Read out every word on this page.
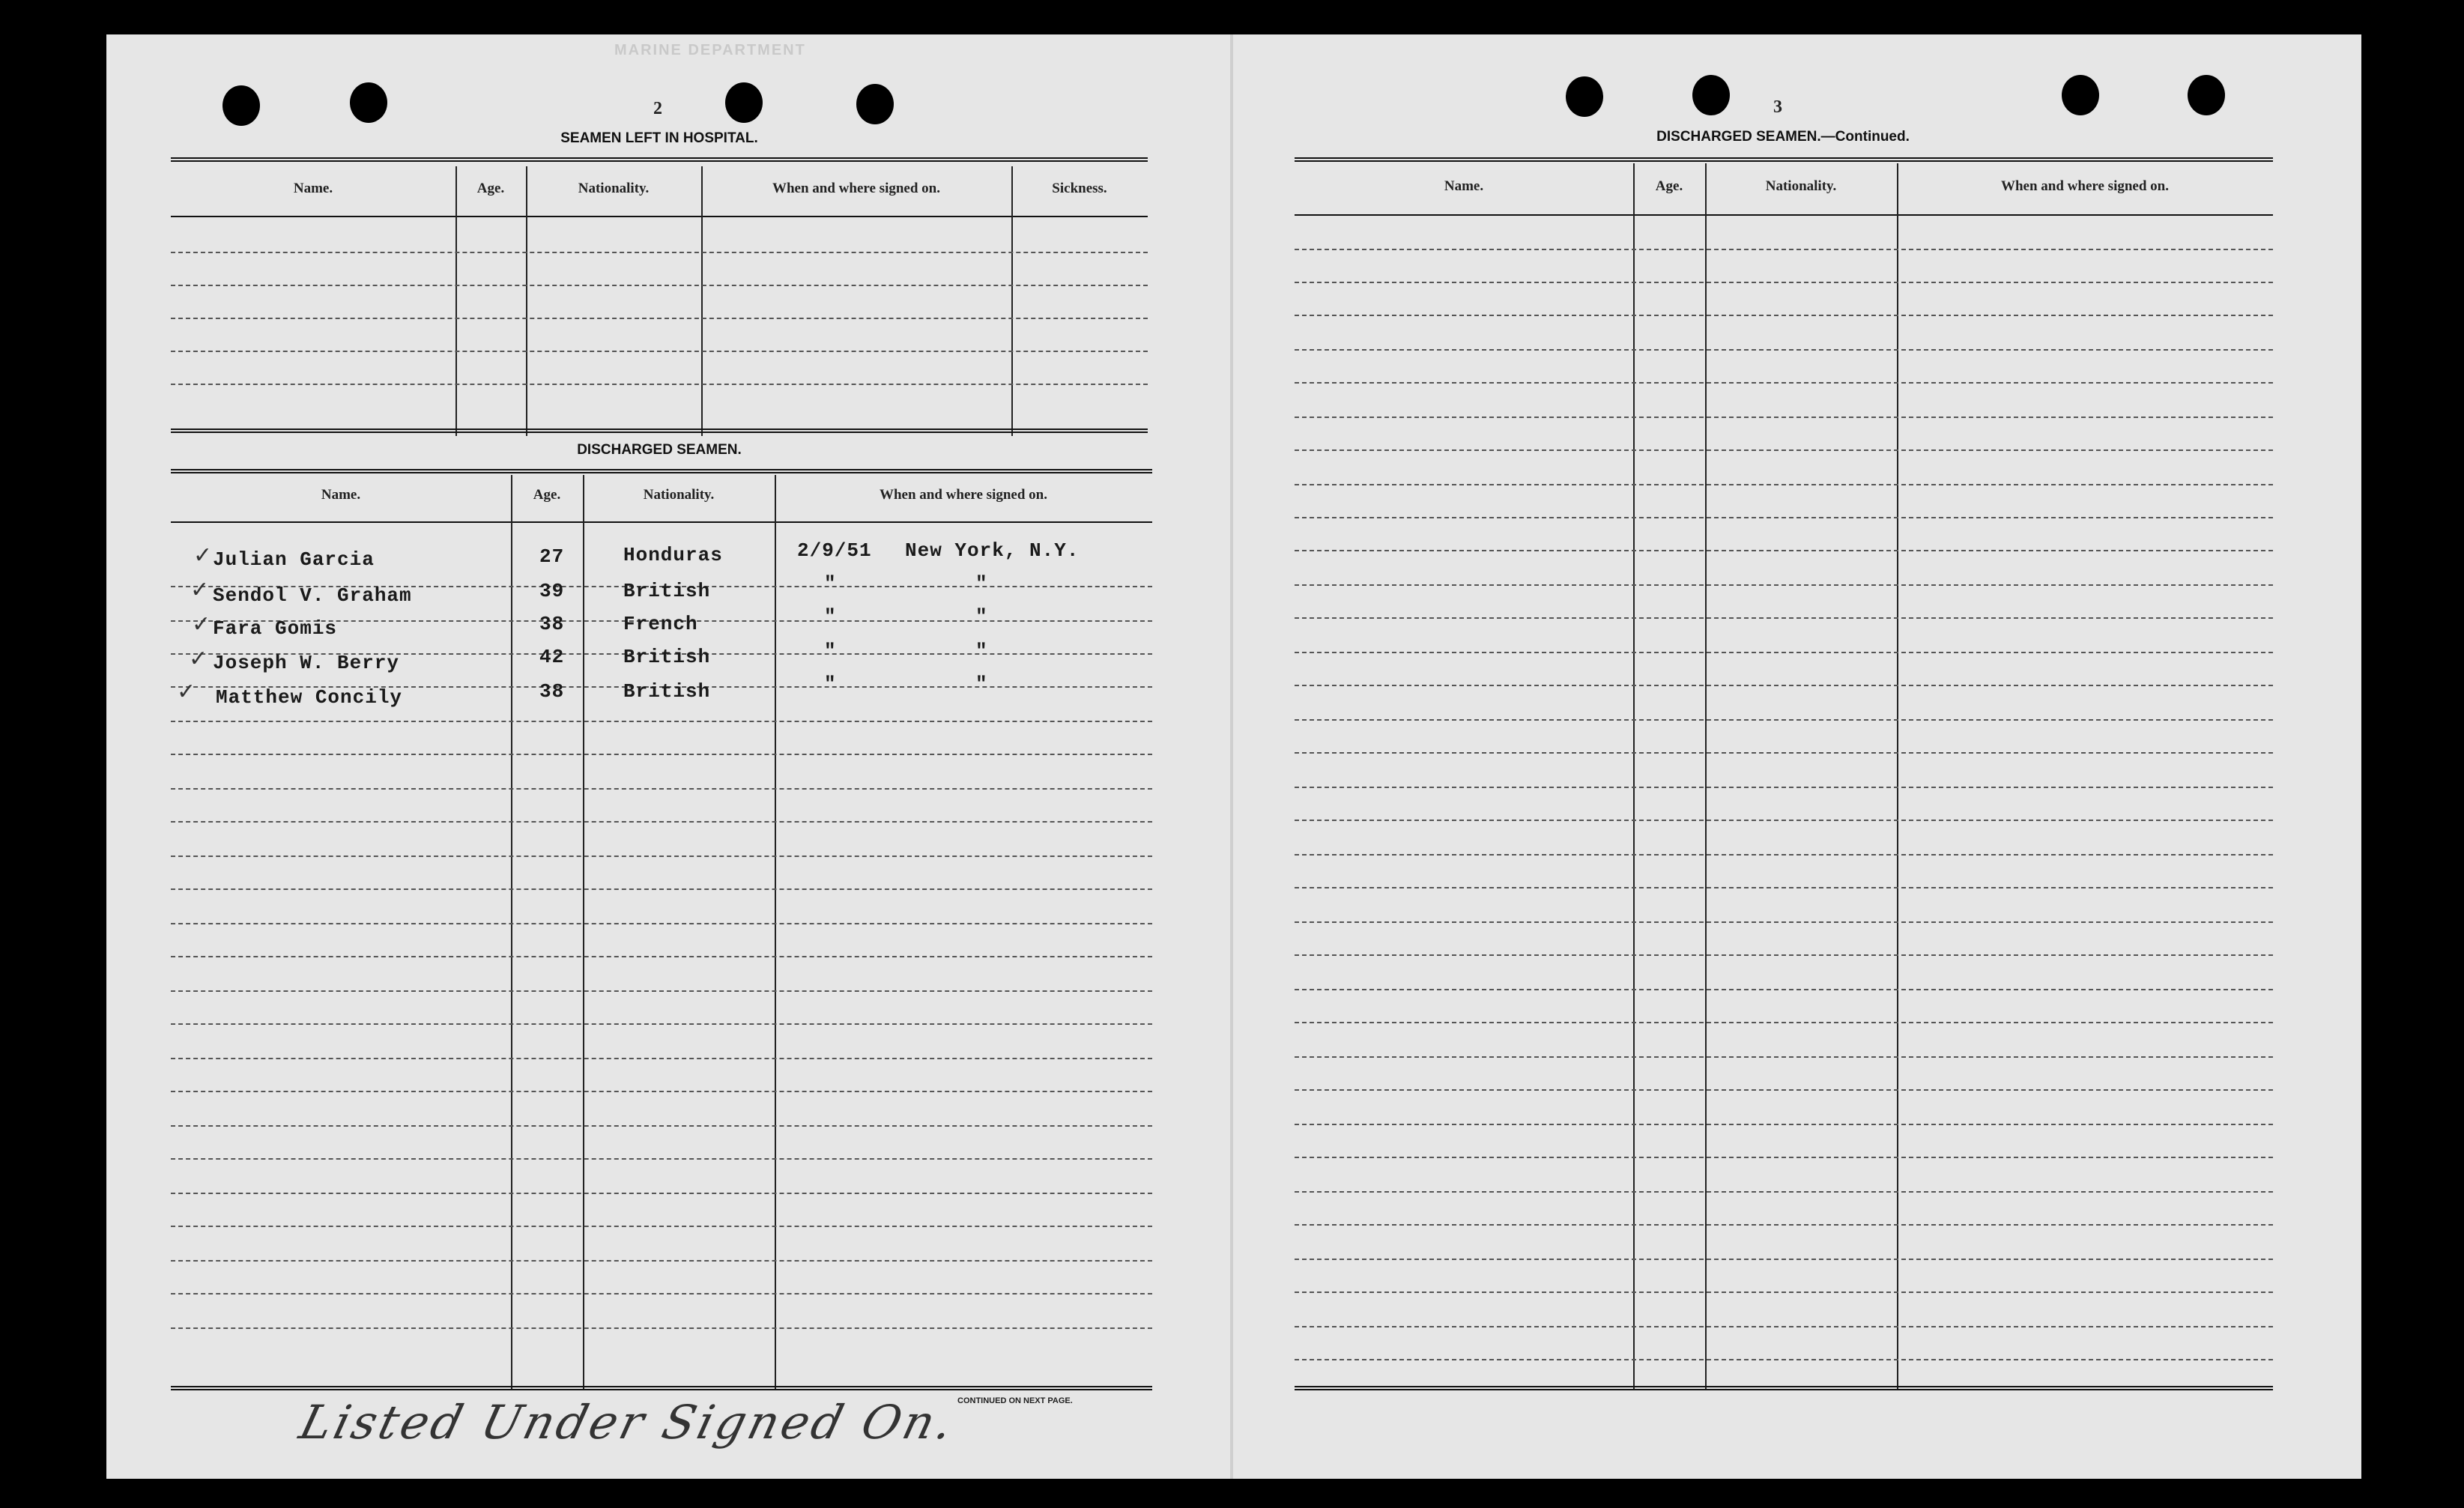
MARINE DEPARTMENT
2
SEAMEN LEFT IN HOSPITAL.
Name.	Age.	Nationality.	When and where signed on.	Sickness.
DISCHARGED SEAMEN.
Name.	Age.	Nationality.	When and where signed on.
✓ Julian Garcia	27	Honduras	2/9/51 New York, N.Y.
✓ Sendol V. Graham	39	British	"	"
✓ Fara Gomis	38	French	"	"
✓ Joseph W. Berry	42	British	"	"
✓ Matthew Concily	38	British	"	"
CONTINUED ON NEXT PAGE.
Listed Under Signed On.
3
DISCHARGED SEAMEN.—Continued.
Name.	Age.	Nationality.	When and where signed on.
